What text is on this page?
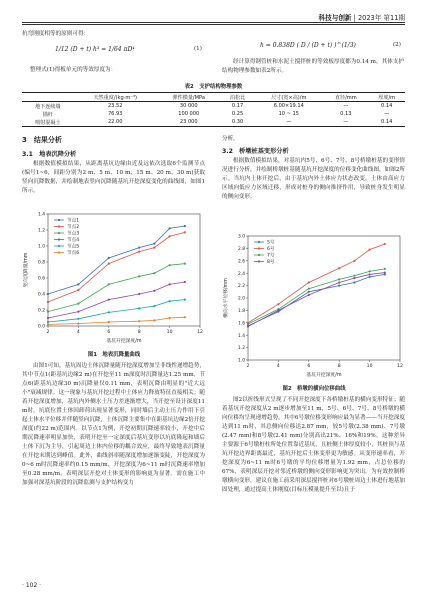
科技与创新 | 2023年 第11期
抗弯刚度相等的原则可得：
1/12 (D + t) h³ = 1/64 πD⁴	(1)
整理式(1)得板单元的等效厚度为：
h = 0.838D ( D / (D + t) )^(1/3)	(2)
经计算得钢管桩和水泥土搅拌桩的等效板厚度都为0.14 m，其体支护结构物理参数如表2所示。
表2　支护结构物理参数
	天然重度/(kg·m⁻³)	弹性模量/MPa	泊松比	尺寸(宽×高)/m	直径/mm	厚度/m
地下连续墙	23.52	30 000	0.17	6.00×19.14	—	0.14
锚杆	76.93	100 000	0.25	10 ~ 15	0.13	—
喷射混凝土	22.00	23 000	0.30	—	—	0.14
3　结果分析
3.1　地表沉降分析
根据数值模拟结果，从距离基坑边缘由近及远依次选取6个监测节点(编号1~6，间距分别为2 m、5 m、10 m、15 m、20 m、30 m)获取竖向沉降数据，并绘制地表竖向沉降随基坑开挖深度变化的曲线图，如图1所示。
2	4	6	8	10	12
0.0
0.2
0.4
0.6
0.8
1.0
1.2
1.4
基坑开挖深度/m
竖向沉降量/mm
节点1
节点2
节点3
节点4
节点5
节点6
图1　地表沉降量曲线
由图1可知，基坑周边土体沉降量随开挖深度增加呈非线性递增趋势，其中节点1(距基坑边缘2 m)在开挖至11 m深度时沉降量达1.25 mm，节点6(距基坑边缘30 m)沉降量仅0.11 mm，表明沉降由明显的"近大远小"衰减规律。这一现象与基坑开挖过程中土体应力释放特征直接相关；随着开挖深度增加，基坑内外侧水土压力差逐渐增大，当开挖至设计深度11 m时，坑底位置土体因卸荷出现显著变形，同时墙后主动土压力作用下引起土体水平位移并伴随竖向沉降，土体沉降主要集中在距基坑边缘2倍开挖深度(约22 m)范围内。以节点1为例，开挖初期沉降速率较小，开挖中后期沉降速率明显加快，表明开挖至一定深度后基坑变形以坑底隆起和墙后土体下沉为主导，引起周边土体内位移的耦合效应，最终导致地表沉降量在开挖末期达到峰值。此外，曲线斜率随深度增加逐渐变陡，开挖深度为0~6 m时沉降速率约0.15 mm/m，开挖深度为6~11 m时沉降速率增加至0.28 mm/m，表明深层开挖对土体变形的影响更为显著。需在施工中加强对深基坑阶段的沉降监测与支护结构变力
分析。
3.2　桥墩桩基变形分析
根据数值模拟结果，对基坑内5号、6号、7号、8号桥墩桩基的变形情况进行分析，并绘制桥墩桩基随基坑开挖深度的位移变化曲线图，如图2所示。当坑内土体开挖后，由于基坑内外土体应力状态改变，土体由高应力区域向低应力区域迁移，形成对桩身的侧向推挤作用，导致桩身发生明显的侧向变形。
2	4	6	8	10	12
1.0
1.2
1.4
1.6
1.8
2.0
2.2
2.4
2.6
2.8
3.0
基坑开挖深度/m
横向水平位移/mm
5号
6号
7号
8号
图2　桥墩的横向位移曲线
图2以折线形式呈现了不同开挖深度下各桥墩桩基的横向变形特征；随着基坑开挖深度从2 m逐步增加至11 m，5号、6号、7号、8号桥墩的横向位移均呈现递增趋势，其中6号墩位移变形响应最为显著——当开挖深度达到11 m时，其总侧向位移达2.87 mm，较5号墩(2.38 mm)、7号墩(2.47 mm)和8号墩(2.41 mm)分别高出21%、16%和19%。这种差异主要源于6号墩桩柱所处位置靠近基坑，且桩侧土体厚度较小，其桩顶与基坑开挖边界距离最近，基坑开挖后土体变形更为敏感。从变形速率看，开挖深度为6~11 m时6号墩的平均位移增量为1.92 mm，占总位移的67%，表明深层开挖对邻近桥墩的侧向变形影响更为突出。为有效控制桥墩横向变形，建议在施工前采用深层搅拌桩对6号墩桩周边土体进行地基加固处理，通过提高土体刚度(目标压模量提升至以)且于
· 102 ·
